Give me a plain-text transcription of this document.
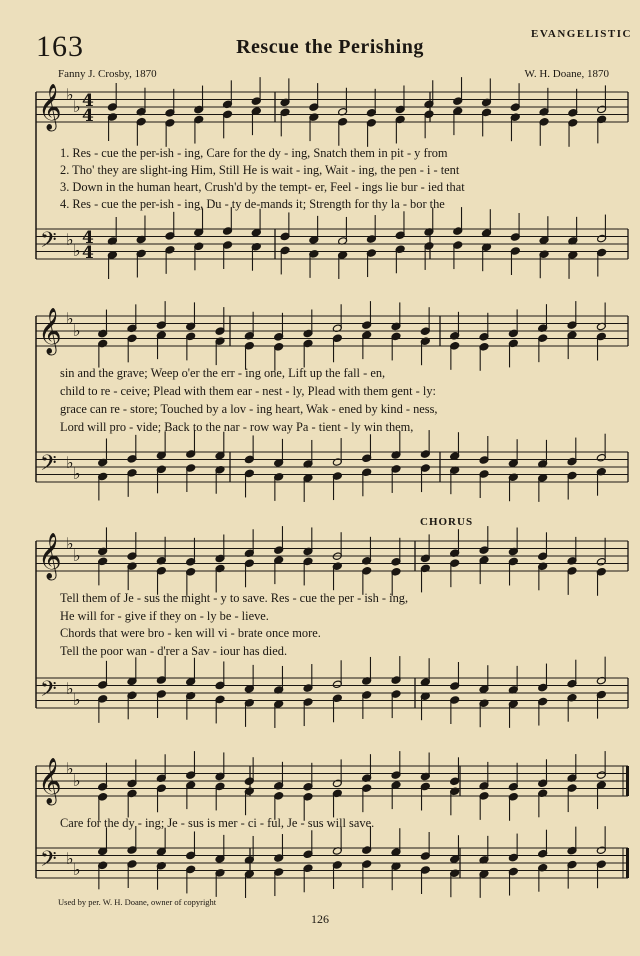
163	Rescue the Perishing
EVANGELISTIC
Fanny J. Crosby, 1870	W. H. Doane, 1870
𝄞
𝄢
♭
♭
♭
♭
4
4
4
4
𝄞
𝄢
♭
♭
♭
♭
𝄞
𝄢
♭
♭
♭
♭
𝄞
𝄢
♭
♭
♭
♭
1. Res - cue the per-ish - ing, Care for the dy - ing, Snatch them in pit - y from
2. Tho' they are slight-ing Him, Still He is wait - ing, Wait - ing, the pen - i - tent
3. Down in the human heart, Crush'd by the tempt- er, Feel - ings lie bur - ied that
4. Res - cue the per-ish - ing, Du - ty de-mands it; Strength for thy la - bor the
sin and the grave; Weep o'er the err - ing one, Lift up the fall - en,
child to re - ceive; Plead with them ear - nest - ly, Plead with them gent - ly:
grace can re - store; Touched by a lov - ing heart, Wak - ened by kind - ness,
Lord will pro - vide; Back to the nar - row way Pa - tient - ly win them,
CHORUS
Tell them of Je - sus the might - y to save. Res - cue the per - ish - ing,
He will for - give if they on - ly be - lieve.
Chords that were bro - ken will vi - brate once more.
Tell the poor wan - d'rer a Sav - iour has died.
Care for the dy - ing; Je - sus is mer - ci - ful, Je - sus will save.
Used by per. W. H. Doane, owner of copyright
126
